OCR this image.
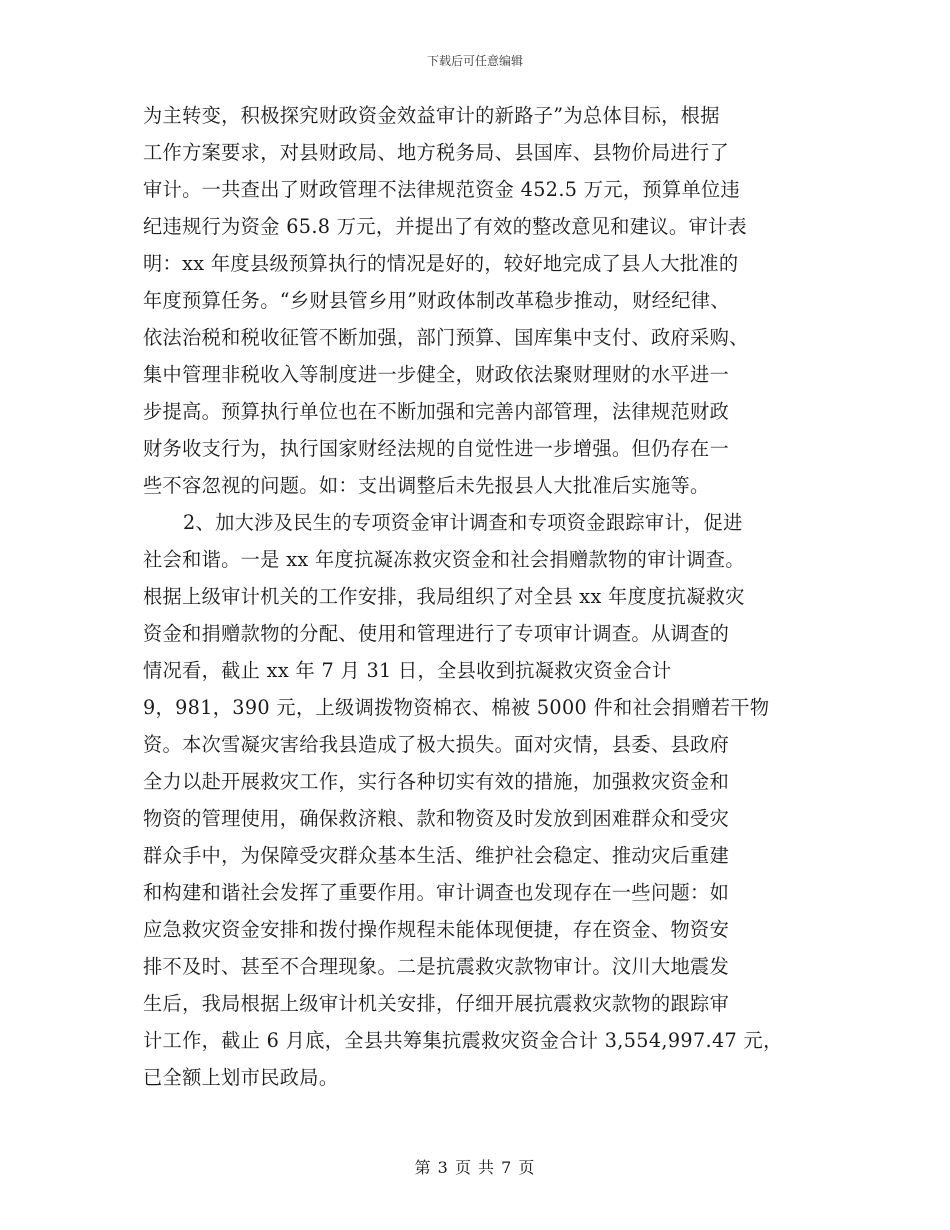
下载后可任意编辑
为主转变，积极探究财政资金效益审计的新路子”为总体目标，根据
工作方案要求，对县财政局、地方税务局、县国库、县物价局进行了
审计。一共查出了财政管理不法律规范资金 452.5 万元，预算单位违
纪违规行为资金 65.8 万元，并提出了有效的整改意见和建议。审计表
明：xx 年度县级预算执行的情况是好的，较好地完成了县人大批准的
年度预算任务。“乡财县管乡用”财政体制改革稳步推动，财经纪律、
依法治税和税收征管不断加强，部门预算、国库集中支付、政府采购、
集中管理非税收入等制度进一步健全，财政依法聚财理财的水平进一
步提高。预算执行单位也在不断加强和完善内部管理，法律规范财政
财务收支行为，执行国家财经法规的自觉性进一步增强。但仍存在一
些不容忽视的问题。如：支出调整后未先报县人大批准后实施等。
2、加大涉及民生的专项资金审计调查和专项资金跟踪审计，促进
社会和谐。一是 xx 年度抗凝冻救灾资金和社会捐赠款物的审计调查。
根据上级审计机关的工作安排，我局组织了对全县 xx 年度度抗凝救灾
资金和捐赠款物的分配、使用和管理进行了专项审计调查。从调查的
情况看，截止 xx 年 7 月 31 日，全县收到抗凝救灾资金合计
9，981，390 元，上级调拨物资棉衣、棉被 5000 件和社会捐赠若干物
资。本次雪凝灾害给我县造成了极大损失。面对灾情，县委、县政府
全力以赴开展救灾工作，实行各种切实有效的措施，加强救灾资金和
物资的管理使用，确保救济粮、款和物资及时发放到困难群众和受灾
群众手中，为保障受灾群众基本生活、维护社会稳定、推动灾后重建
和构建和谐社会发挥了重要作用。审计调查也发现存在一些问题：如
应急救灾资金安排和拨付操作规程未能体现便捷，存在资金、物资安
排不及时、甚至不合理现象。二是抗震救灾款物审计。汶川大地震发
生后，我局根据上级审计机关安排，仔细开展抗震救灾款物的跟踪审
计工作，截止 6 月底，全县共筹集抗震救灾资金合计 3,554,997.47 元，
已全额上划市民政局。
第 3 页 共 7 页
